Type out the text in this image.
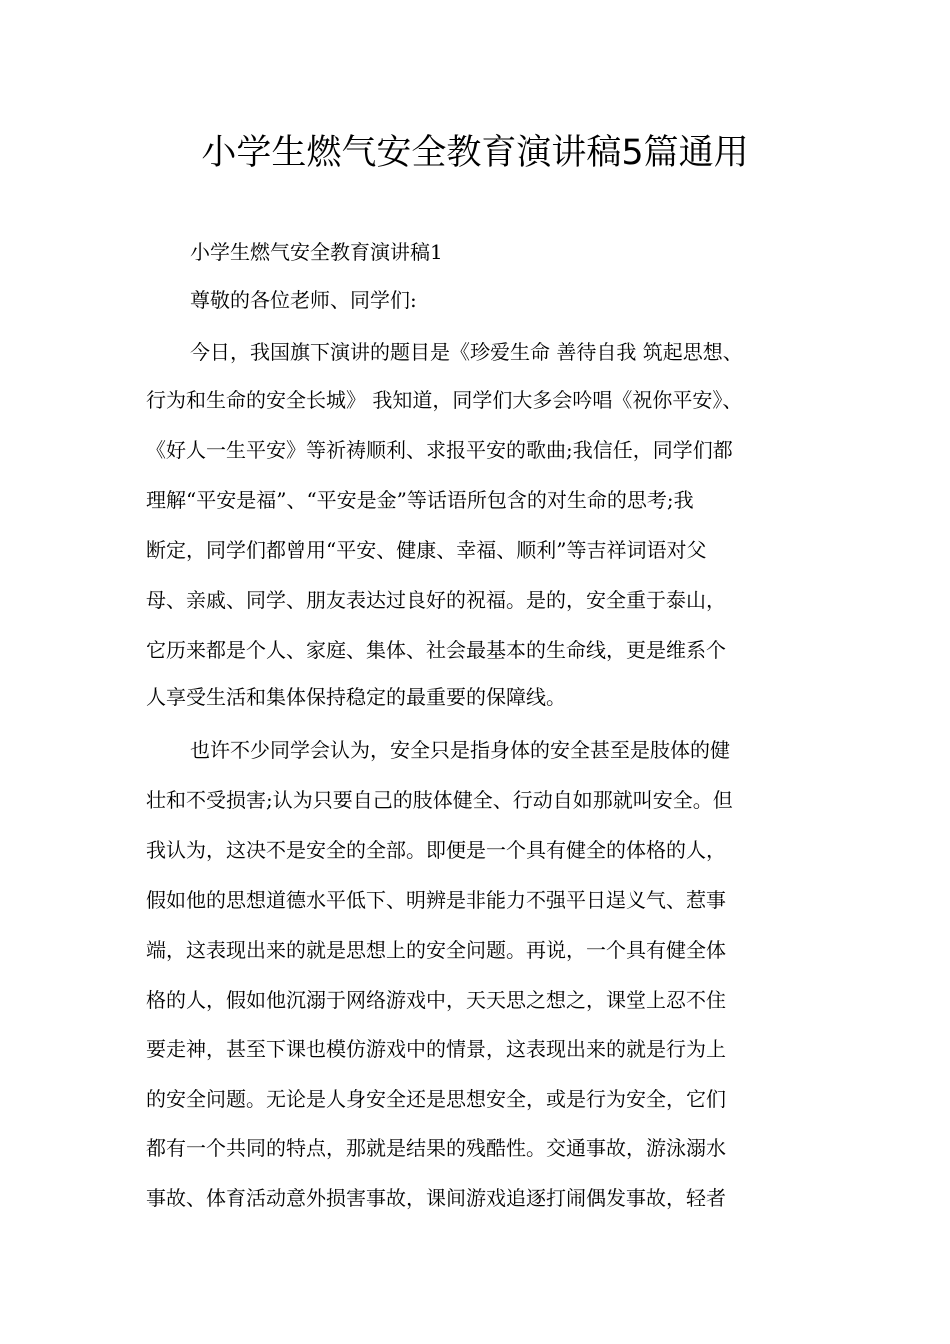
小学生燃气安全教育演讲稿5篇通用
小学生燃气安全教育演讲稿1
尊敬的各位老师、同学们:
今日，我国旗下演讲的题目是《珍爱生命 善待自我 筑起思想、
行为和生命的安全长城》 我知道，同学们大多会吟唱《祝你平安》、
《好人一生平安》等祈祷顺利、求报平安的歌曲;我信任，同学们都
理解“平安是福”、“平安是金”等话语所包含的对生命的思考;我
断定，同学们都曾用“平安、健康、幸福、顺利”等吉祥词语对父
母、亲戚、同学、朋友表达过良好的祝福。是的，安全重于泰山，
它历来都是个人、家庭、集体、社会最基本的生命线，更是维系个
人享受生活和集体保持稳定的最重要的保障线。
也许不少同学会认为，安全只是指身体的安全甚至是肢体的健
壮和不受损害;认为只要自己的肢体健全、行动自如那就叫安全。但
我认为，这决不是安全的全部。即便是一个具有健全的体格的人，
假如他的思想道德水平低下、明辨是非能力不强平日逞义气、惹事
端，这表现出来的就是思想上的安全问题。再说，一个具有健全体
格的人，假如他沉溺于网络游戏中，天天思之想之，课堂上忍不住
要走神，甚至下课也模仿游戏中的情景，这表现出来的就是行为上
的安全问题。无论是人身安全还是思想安全，或是行为安全，它们
都有一个共同的特点，那就是结果的残酷性。交通事故，游泳溺水
事故、体育活动意外损害事故，课间游戏追逐打闹偶发事故，轻者
